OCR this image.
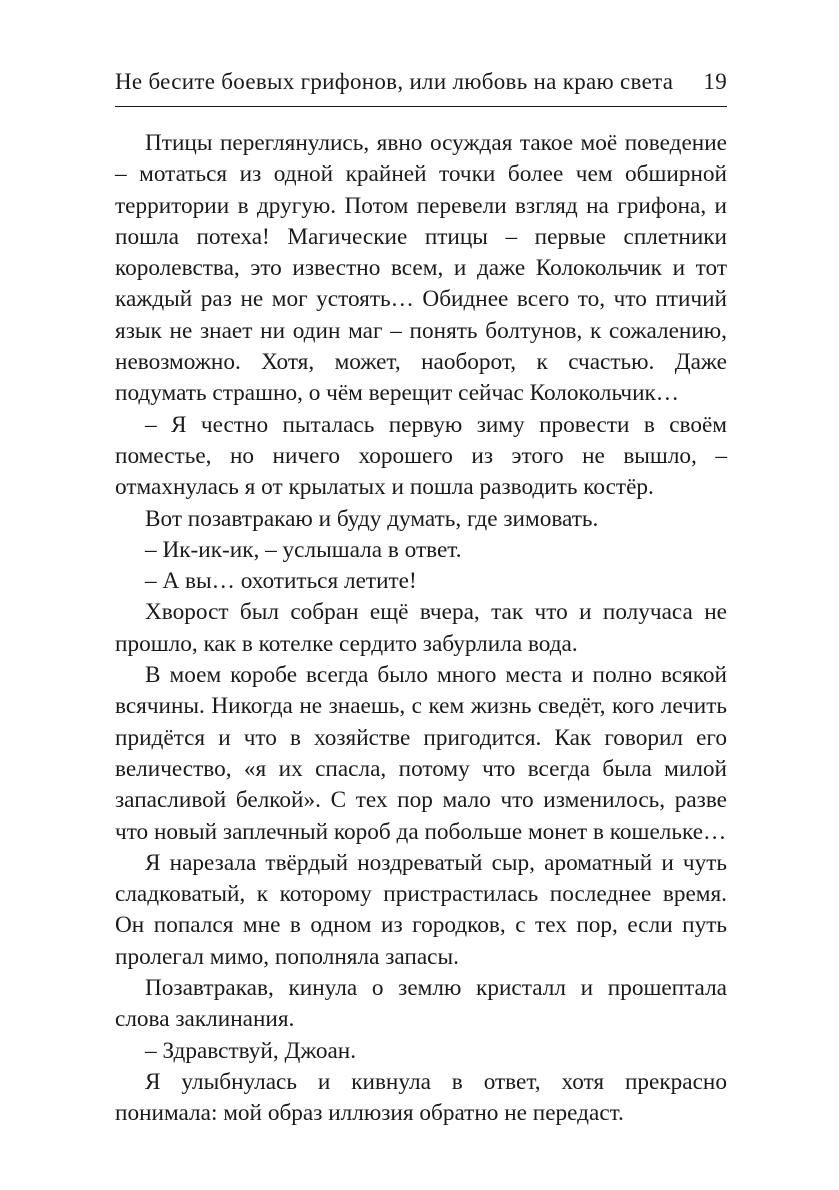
Не бесите боевых грифонов, или любовь на краю света 19

Птицы переглянулись, явно осуждая такое моё поведение – мотаться из одной крайней точки более чем обширной территории в другую. Потом перевели взгляд на грифона, и пошла потеха! Магические птицы – первые сплетники королевства, это известно всем, и даже Колокольчик и тот каждый раз не мог устоять… Обиднее всего то, что птичий язык не знает ни один маг – понять болтунов, к сожалению, невозможно. Хотя, может, наоборот, к счастью. Даже подумать страшно, о чём верещит сейчас Колокольчик…

– Я честно пыталась первую зиму провести в своём поместье, но ничего хорошего из этого не вышло, – отмахнулась я от крылатых и пошла разводить костёр.

Вот позавтракаю и буду думать, где зимовать.

– Ик-ик-ик, – услышала в ответ.

– А вы… охотиться летите!

Хворост был собран ещё вчера, так что и получаса не прошло, как в котелке сердито забурлила вода.

В моем коробе всегда было много места и полно всякой всячины. Никогда не знаешь, с кем жизнь сведёт, кого лечить придётся и что в хозяйстве пригодится. Как говорил его величество, «я их спасла, потому что всегда была милой запасливой белкой». С тех пор мало что изменилось, разве что новый заплечный короб да побольше монет в кошельке…

Я нарезала твёрдый ноздреватый сыр, ароматный и чуть сладковатый, к которому пристрастилась последнее время. Он попался мне в одном из городков, с тех пор, если путь пролегал мимо, пополняла запасы.

Позавтракав, кинула о землю кристалл и прошептала слова заклинания.

– Здравствуй, Джоан.

Я улыбнулась и кивнула в ответ, хотя прекрасно понимала: мой образ иллюзия обратно не передаст.
